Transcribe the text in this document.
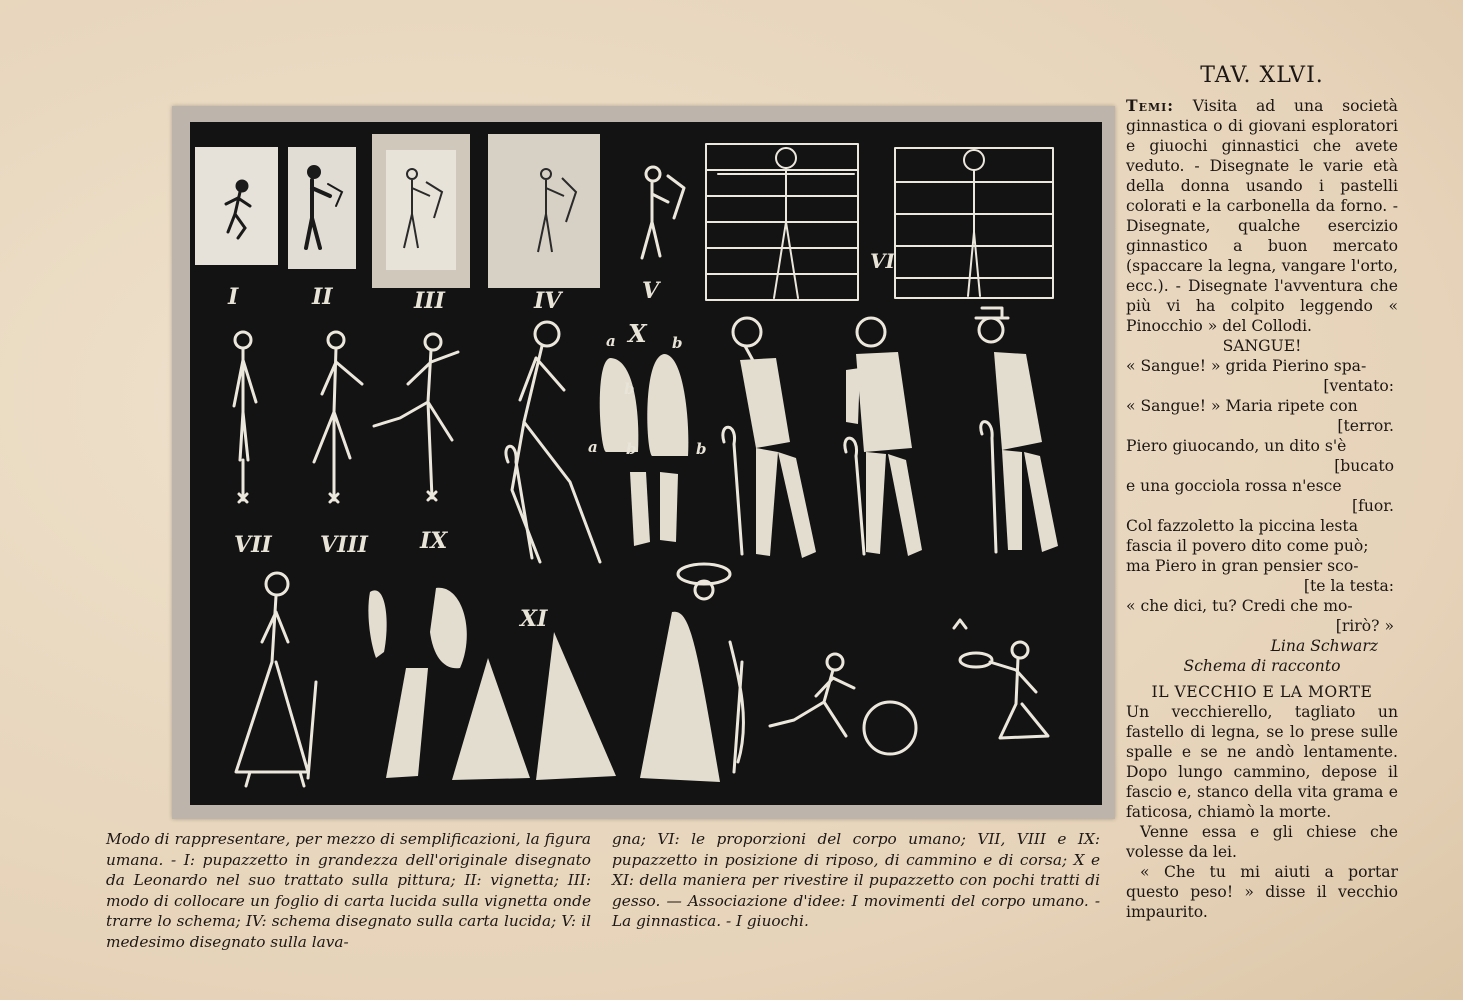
I	II	III	IV	V
VI
VII VIII IX
X
XI
a	b
b
a b	b
Modo di rappresentare, per mezzo di semplificazioni, la figura umana. - I: pupazzetto in grandezza dell'originale disegnato da Leonardo nel suo trattato sulla pittura; II: vignetta; III: modo di collocare un foglio di carta lucida sulla vignetta onde trarre lo schema; IV: schema disegnato sulla carta lucida; V: il medesimo disegnato sulla lava-
gna; VI: le proporzioni del corpo umano; VII, VIII e IX: pupazzetto in posizione di riposo, di cammino e di corsa; X e XI: della maniera per rivestire il pupazzetto con pochi tratti di gesso. — Associazione d'idee: I movimenti del corpo umano. - La ginnastica. - I giuochi.
TAV. XLVI.

Temi: Visita ad una società ginnastica o di giovani esploratori e giuochi ginnastici che avete veduto. - Disegnate le varie età della donna usando i pastelli colorati e la carbonella da forno. - Disegnate, qualche esercizio ginnastico a buon mercato (spaccare la legna, vangare l'orto, ecc.). - Disegnate l'avventura che più vi ha colpito leggendo « Pinocchio » del Collodi.

SANGUE!

« Sangue! » grida Pierino spa-
[ventato:
« Sangue! » Maria ripete con
[terror.
Piero giuocando, un dito s'è
[bucato
e una gocciola rossa n'esce
[fuor.
Col fazzoletto la piccina lesta
fascia il povero dito come può;
ma Piero in gran pensier sco-
[te la testa:
« che dici, tu? Credi che mo-
[rirò? »

Lina Schwarz

Schema di racconto

IL VECCHIO E LA MORTE

Un vecchierello, tagliato un fastello di legna, se lo prese sulle spalle e se ne andò lentamente. Dopo lungo cammino, depose il fascio e, stanco della vita grama e faticosa, chiamò la morte.

Venne essa e gli chiese che volesse da lei.

« Che tu mi aiuti a portar questo peso! » disse il vecchio impaurito.
